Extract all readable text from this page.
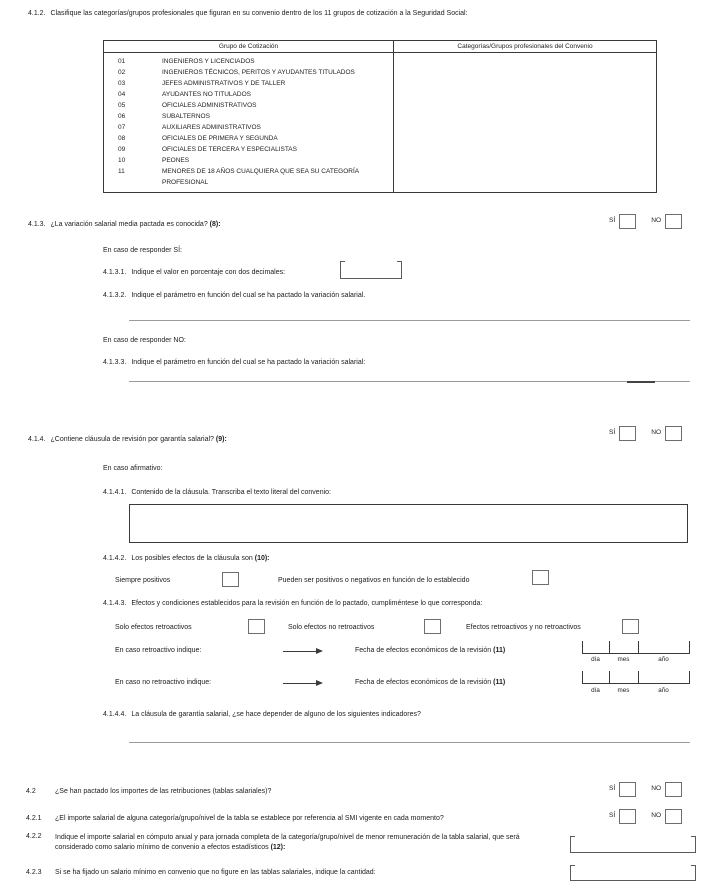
4.1.2. Clasifique las categorías/grupos profesionales que figuran en su convenio dentro de los 11 grupos de cotización a la Seguridad Social:
Grupo de Cotización	Categorías/Grupos profesionales del Convenio
01	INGENIEROS Y LICENCIADOS
02	INGENIEROS TÉCNICOS, PERITOS Y AYUDANTES TITULADOS
03	JEFES ADMINISTRATIVOS Y DE TALLER
04	AYUDANTES NO TITULADOS
05	OFICIALES ADMINISTRATIVOS
06	SUBALTERNOS
07	AUXILIARES ADMINISTRATIVOS
08	OFICIALES DE PRIMERA Y SEGUNDA
09	OFICIALES DE TERCERA Y ESPECIALISTAS
10	PEONES
11	MENORES DE 18 AÑOS CUALQUIERA QUE SEA SU CATEGORÍA PROFESIONAL
4.1.3. ¿La variación salarial media pactada es conocida? (8):
SÍ	NO
En caso de responder SÍ:
4.1.3.1. Indique el valor en porcentaje con dos decimales:
4.1.3.2. Indique el parámetro en función del cual se ha pactado la variación salarial.
En caso de responder NO:
4.1.3.3. Indique el parámetro en función del cual se ha pactado la variación salarial:
4.1.4. ¿Contiene cláusula de revisión por garantía salarial? (9):
SÍ	NO
En caso afirmativo:
4.1.4.1. Contenido de la cláusula. Transcriba el texto literal del convenio:
4.1.4.2. Los posibles efectos de la cláusula son (10):
Siempre positivos	Pueden ser positivos o negativos en función de lo establecido
4.1.4.3. Efectos y condiciones establecidos para la revisión en función de lo pactado, cumpliméntese lo que corresponda:
Solo efectos retroactivos	Solo efectos no retroactivos	Efectos retroactivos y no retroactivos
En caso retroactivo indique:	Fecha de efectos económicos de la revisión (11)
día	mes	año
En caso no retroactivo indique:	Fecha de efectos económicos de la revisión (11)
día	mes	año
4.1.4.4. La cláusula de garantía salarial, ¿se hace depender de alguno de los siguientes indicadores?
4.2	¿Se han pactado los importes de las retribuciones (tablas salariales)?	SÍ	NO
4.2.1 ¿El importe salarial de alguna categoría/grupo/nivel de la tabla se establece por referencia al SMI vigente en cada momento?	SÍ	NO
4.2.2	Indique el importe salarial en cómputo anual y para jornada completa de la categoría/grupo/nivel de menor remuneración de la tabla salarial, que será considerado como salario mínimo de convenio a efectos estadísticos (12):
4.2.3	Si se ha fijado un salario mínimo en convenio que no figure en las tablas salariales, indique la cantidad:
